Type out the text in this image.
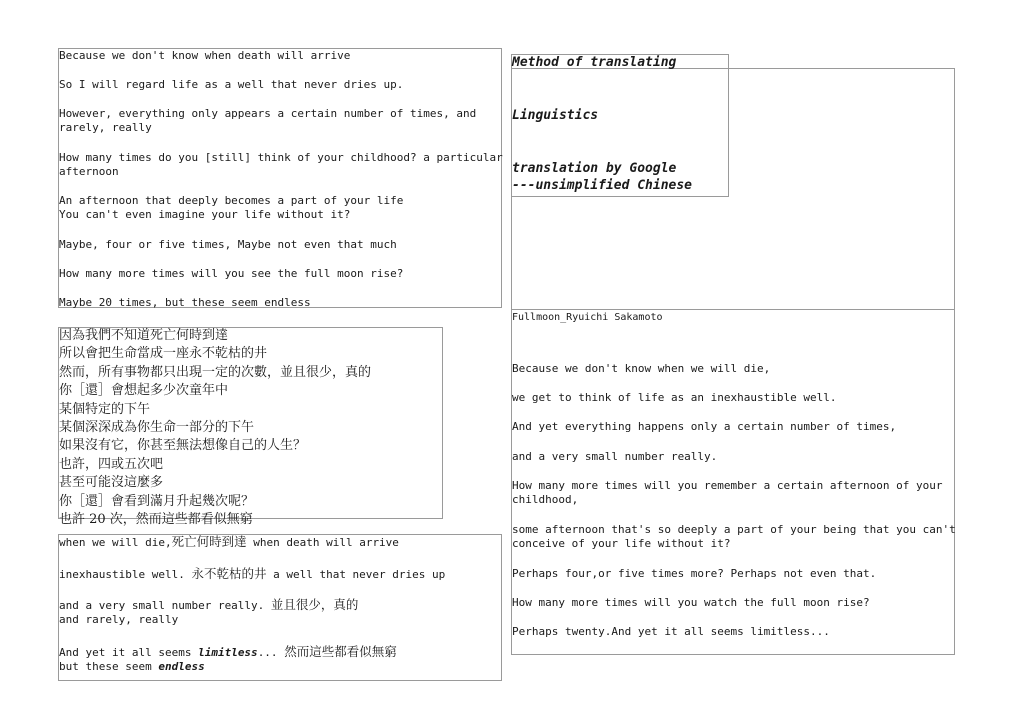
Because we don't know when death will arrive
So I will regard life as a well that never dries up.
However, everything only appears a certain number of times, and rarely, really
How many times do you [still] think of your childhood? a particular afternoon
An afternoon that deeply becomes a part of your life
You can't even imagine your life without it?
Maybe, four or five times, Maybe not even that much
How many more times will you see the full moon rise?
Maybe 20 times, but these seem endless
因為我們不知道死亡何時到達
所以會把生命當成一座永不乾枯的井
然而，所有事物都只出現一定的次數，並且很少，真的
你［還］會想起多少次童年中
某個特定的下午
某個深深成為你生命一部分的下午
如果沒有它，你甚至無法想像自己的人生？
也許，四或五次吧
甚至可能沒這麼多
你［還］會看到滿月升起幾次呢？
也許 20 次，然而這些都看似無窮
when we will die,死亡何時到達 when death will arrive
inexhaustible well. 永不乾枯的井 a well that never dries up
and a very small number really. 並且很少，真的
and rarely, really
And yet it all seems limitless... 然而這些都看似無窮
but these seem endless
Method of translating
Linguistics
translation by Google
---unsimplified Chinese
Fullmoon_Ryuichi Sakamoto
Because we don't know when we will die,
we get to think of life as an inexhaustible well.
And yet everything happens only a certain number of times,
and a very small number really.
How many more times will you remember a certain afternoon of your childhood,
some afternoon that's so deeply a part of your being that you can't conceive of your life without it?
Perhaps four,or five times more? Perhaps not even that.
How many more times will you watch the full moon rise?
Perhaps twenty.And yet it all seems limitless...
